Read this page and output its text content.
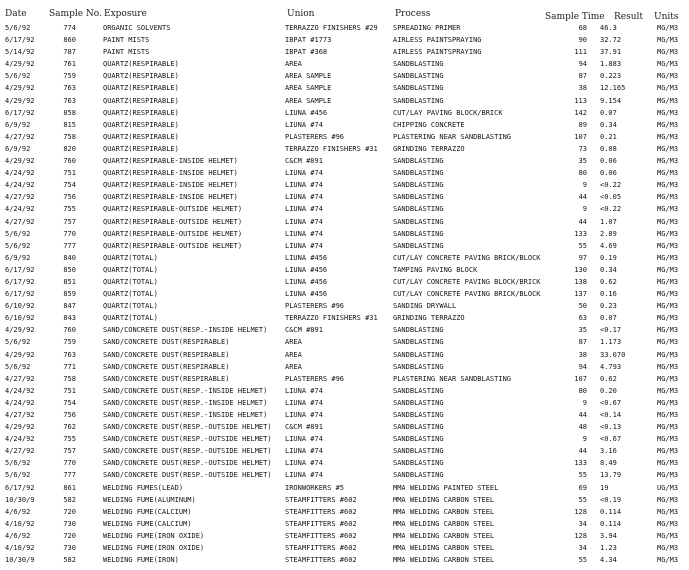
Date Sample No. Exposure	Union	Process	Sample Time Result Units
5/6/92	774	ORGANIC SOLVENTS	TERRAZZO FINISHERS #29	SPREADING PRIMER	68 46.3	MG/M3
6/17/92	860	PAINT MISTS	IBPAT #1773	AIRLESS PAINTSPRAYING	90 32.72	MG/M3
5/14/92	787	PAINT MISTS	IBPAT #368	AIRLESS PAINTSPRAYING	111 37.91	MG/M3
4/29/92	761	QUARTZ(RESPIRABLE)	AREA	SANDBLASTING	94 1.883	MG/M3
5/6/92	759	QUARTZ(RESPIRABLE)	AREA SAMPLE	SANDBLASTING	87 0.223	MG/M3
4/29/92	763	QUARTZ(RESPIRABLE)	AREA SAMPLE	SANDBLASTING	38 12.165	MG/M3
4/29/92	763	QUARTZ(RESPIRABLE)	AREA SAMPLE	SANDBLASTING	113 9.154	MG/M3
6/17/92	858	QUARTZ(RESPIRABLE)	LIUNA #456	CUT/LAY PAVING BLOCK/BRICK	142 0.07	MG/M3
6/9/92	815	QUARTZ(RESPIRABLE)	LIUNA #74	CHIPPING CONCRETE	89 0.34	MG/M3
4/27/92	758	QUARTZ(RESPIRABLE)	PLASTERERS #96	PLASTERING NEAR SANDBLASTING	107 0.21	MG/M3
6/9/92	820	QUARTZ(RESPIRABLE)	TERRAZZO FINISHERS #31	GRINDING TERRAZZO	73 0.08	MG/M3
4/29/92	760	QUARTZ(RESPIRABLE-INSIDE HELMET)	C&CM #891	SANDBLASTING	35 0.06	MG/M3
4/24/92	751	QUARTZ(RESPIRABLE-INSIDE HELMET)	LIUNA #74	SANDBLASTING	80 0.06	MG/M3
4/24/92	754	QUARTZ(RESPIRABLE-INSIDE HELMET)	LIUNA #74	SANDBLASTING	9 <0.22	MG/M3
4/27/92	756	QUARTZ(RESPIRABLE-INSIDE HELMET)	LIUNA #74	SANDBLASTING	44 <0.05	MG/M3
4/24/92	755	QUARTZ(RESPIRABLE-OUTSIDE HELMET)	LIUNA #74	SANDBLASTING	9 <0.22	MG/M3
4/27/92	757	QUARTZ(RESPIRABLE-OUTSIDE HELMET)	LIUNA #74	SANDBLASTING	44 1.07	MG/M3
5/6/92	770	QUARTZ(RESPIRABLE-OUTSIDE HELMET)	LIUNA #74	SANDBLASTING	133 2.89	MG/M3
5/6/92	777	QUARTZ(RESPIRABLE-OUTSIDE HELMET)	LIUNA #74	SANDBLASTING	55 4.69	MG/M3
6/9/92	840	QUARTZ(TOTAL)	LIUNA #456	CUT/LAY CONCRETE PAVING BRICK/BLOCK	97 0.19	MG/M3
6/17/92	850	QUARTZ(TOTAL)	LIUNA #456	TAMPING PAVING BLOCK	130 0.34	MG/M3
6/17/92	851	QUARTZ(TOTAL)	LIUNA #456	CUT/LAY CONCRETE PAVING BLOCK/BRICK	138 0.62	MG/M3
6/17/92	859	QUARTZ(TOTAL)	LIUNA #456	CUT/LAY CONCRETE PAVING BRICK/BLOCK	137 0.16	MG/M3
6/10/92	847	QUARTZ(TOTAL)	PLASTERERS #96	SANDING DRYWALL	50 0.23	MG/M3
6/10/92	843	QUARTZ(TOTAL)	TERRAZZO FINISHERS #31	GRINDING TERRAZZO	63 0.07	MG/M3
4/29/92	760	SAND/CONCRETE DUST(RESP.-INSIDE HELMET)	C&CM #891	SANDBLASTING	35 <0.17	MG/M3
5/6/92	759	SAND/CONCRETE DUST(RESPIRABLE)	AREA	SANDBLASTING	87 1.173	MG/M3
4/29/92	763	SAND/CONCRETE DUST(RESPIRABLE)	AREA	SANDBLASTING	38 33.070	MG/M3
5/6/92	771	SAND/CONCRETE DUST(RESPIRABLE)	AREA	SANDBLASTING	94 4.793	MG/M3
4/27/92	758	SAND/CONCRETE DUST(RESPIRABLE)	PLASTERERS #96	PLASTERING NEAR SANDBLASTING	107 0.62	MG/M3
4/24/92	751	SAND/CONCRETE DUST(RESP.-INSIDE HELMET)	LIUNA #74	SANDBLASTING	80 0.20	MG/M3
4/24/92	754	SAND/CONCRETE DUST(RESP.-INSIDE HELMET)	LIUNA #74	SANDBLASTING	9 <0.67	MG/M3
4/27/92	756	SAND/CONCRETE DUST(RESP.-INSIDE HELMET)	LIUNA #74	SANDBLASTING	44 <0.14	MG/M3
4/29/92	762	SAND/CONCRETE DUST(RESP.-OUTSIDE HELMET)	C&CM #891	SANDBLASTING	48 <0.13	MG/M3
4/24/92	755	SAND/CONCRETE DUST(RESP.-OUTSIDE HELMET)	LIUNA #74	SANDBLASTING	9 <0.67	MG/M3
4/27/92	757	SAND/CONCRETE DUST(RESP.-OUTSIDE HELMET)	LIUNA #74	SANDBLASTING	44 3.16	MG/M3
5/6/92	770	SAND/CONCRETE DUST(RESP.-OUTSIDE HELMET)	LIUNA #74	SANDBLASTING	133 8.49	MG/M3
5/6/92	777	SAND/CONCRETE DUST(RESP.-OUTSIDE HELMET)	LIUNA #74	SANDBLASTING	55 13.79	MG/M3
6/17/92	861	WELDING FUMES(LEAD)	IRONWORKERS #5	MMA WELDING PAINTED STEEL	69 19	UG/M3
10/30/9	582	WELDING FUME(ALUMINUM)	STEAMFITTERS #602	MMA WELDING CARBON STEEL	55 <0.19	MG/M3
4/6/92	720	WELDING FUME(CALCIUM)	STEAMFITTERS #602	MMA WELDING CARBON STEEL	128 0.114	MG/M3
4/10/92	730	WELDING FUME(CALCIUM)	STEAMFITTERS #602	MMA WELDING CARBON STEEL	34 0.114	MG/M3
4/6/92	720	WELDING FUME(IRON OXIDE)	STEAMFITTERS #602	MMA WELDING CARBON STEEL	128 3.94	MG/M3
4/10/92	730	WELDING FUME(IRON OXIDE)	STEAMFITTERS #602	MMA WELDING CARBON STEEL	34 1.23	MG/M3
10/30/9	582	WELDING FUME(IRON)	STEAMFITTERS #602	MMA WELDING CARBON STEEL	55 4.34	MG/M3
